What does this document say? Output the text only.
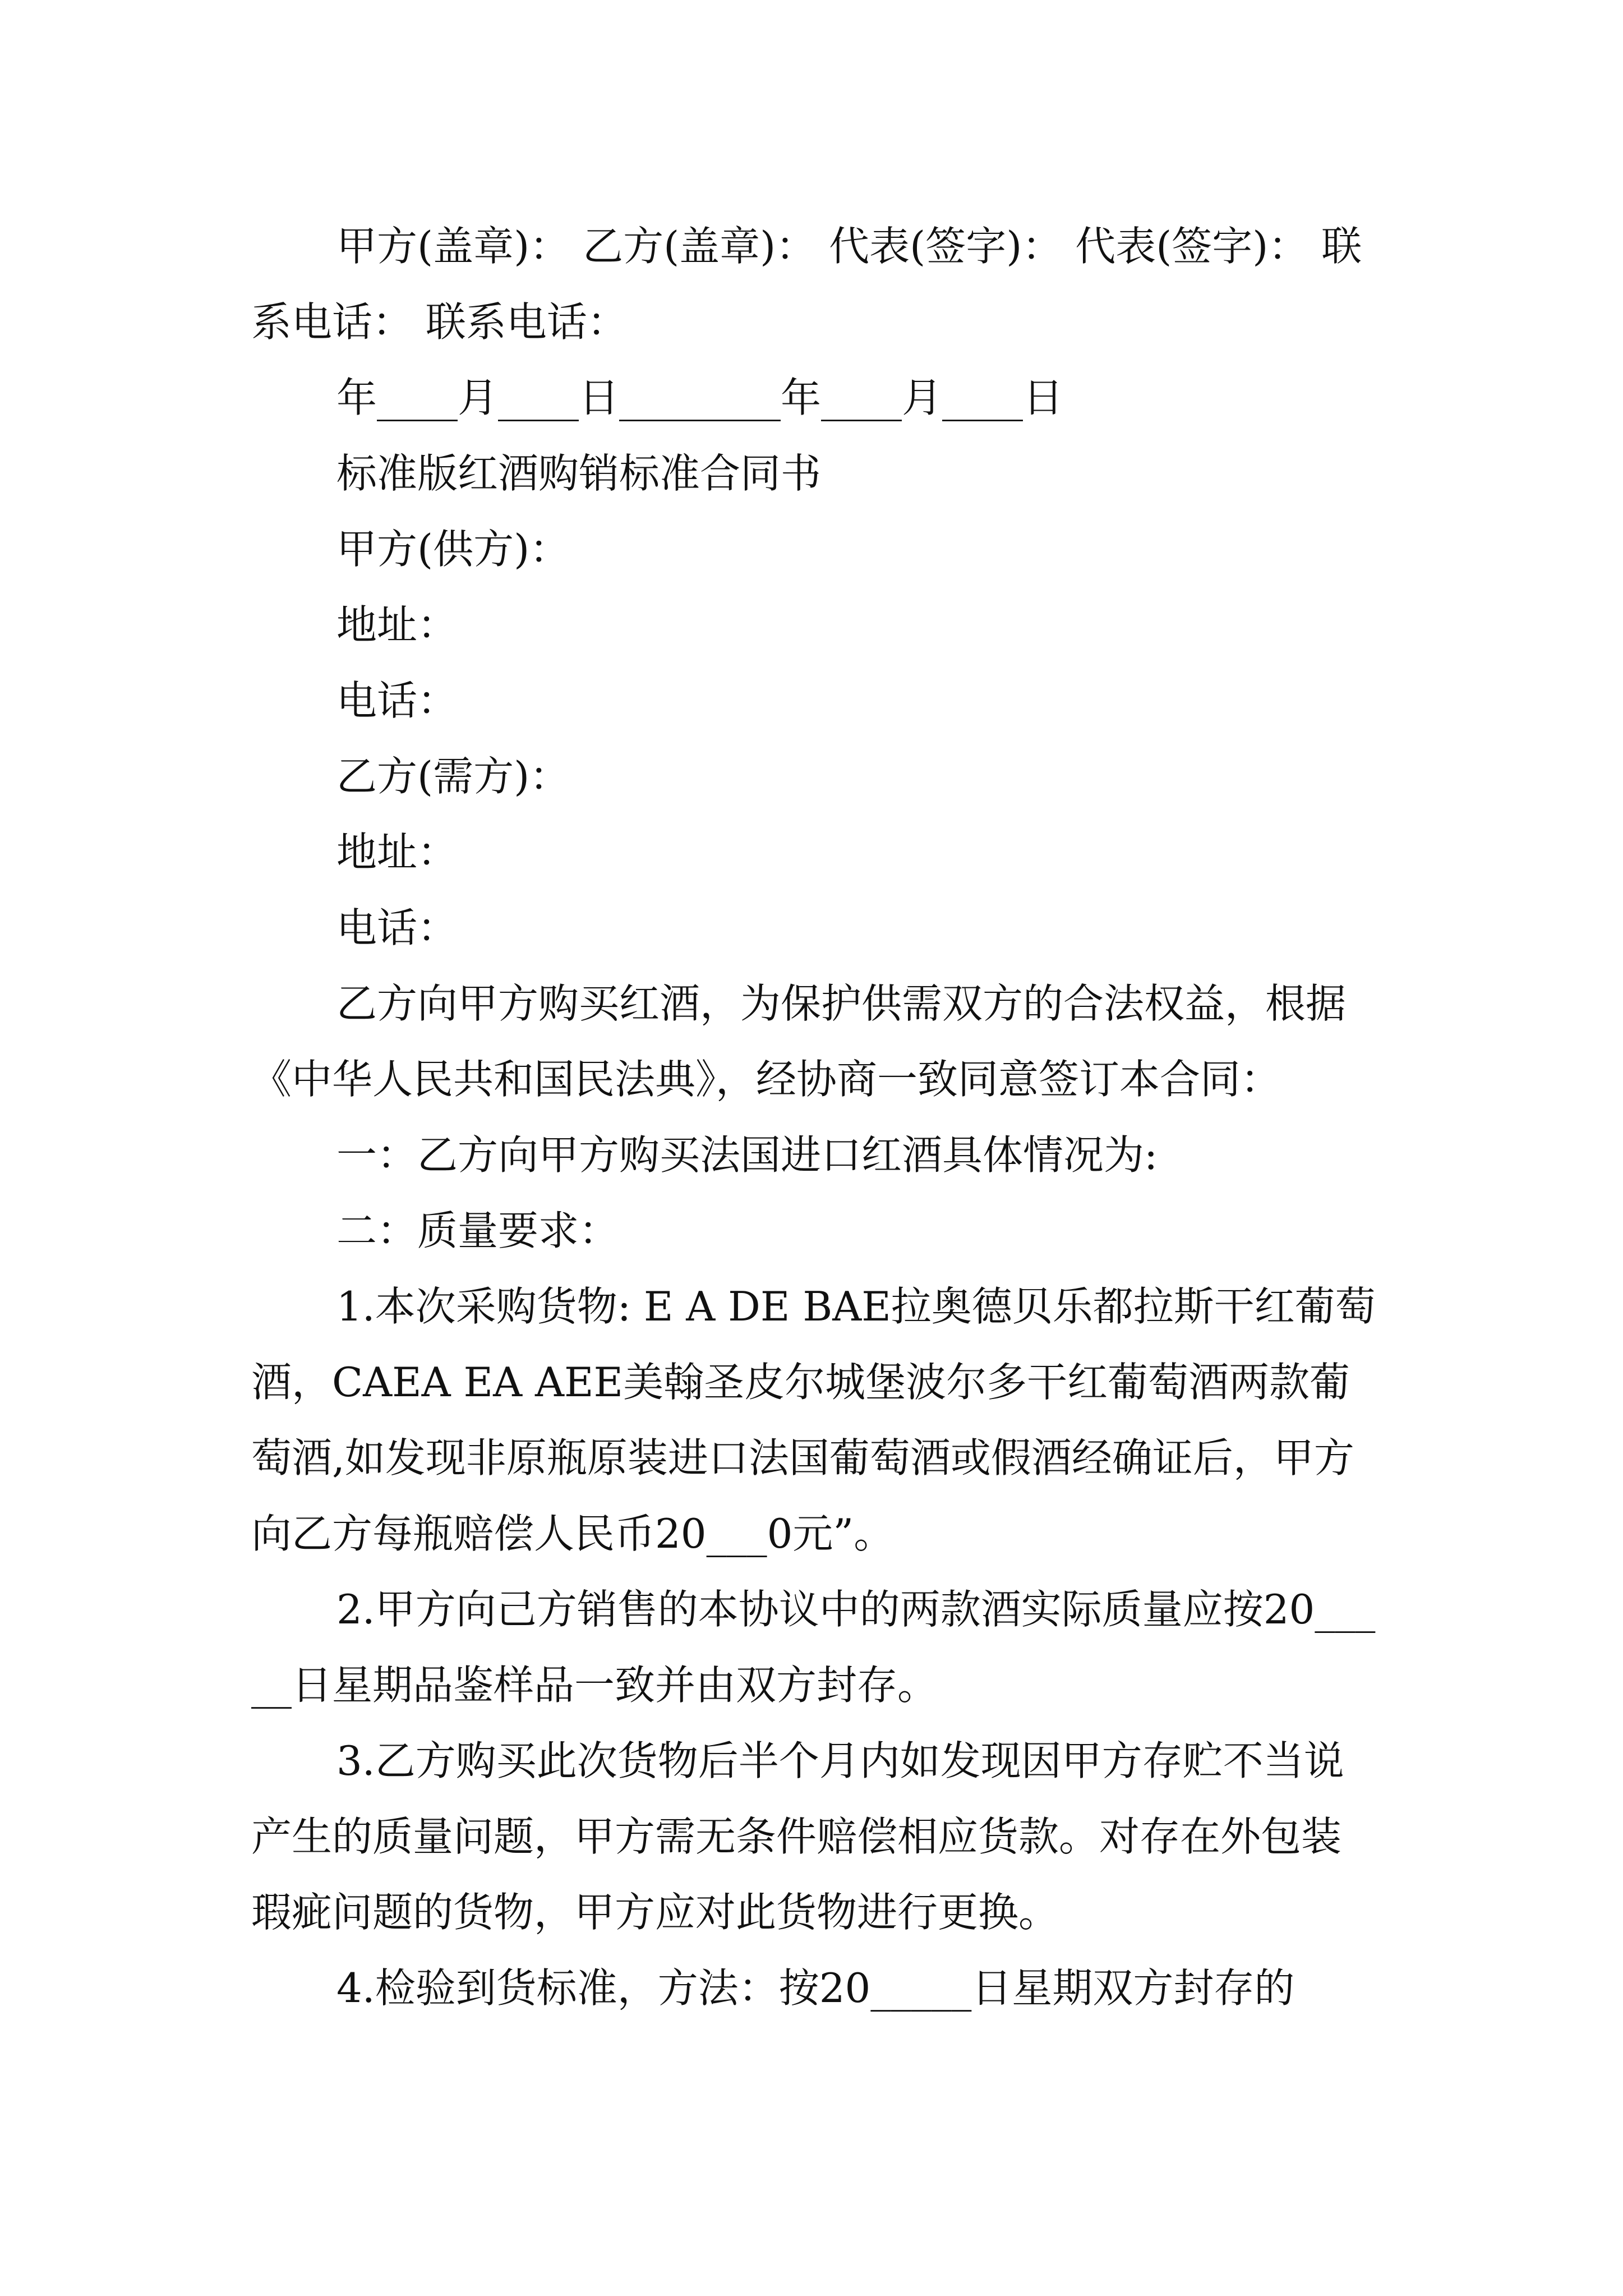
甲方(盖章)： 乙方(盖章)： 代表(签字)： 代表(签字)： 联系电话： 联系电话：

年____月____日________年____月____日

标准版红酒购销标准合同书

甲方(供方)：

地址：

电话：

乙方(需方)：

地址：

电话：

乙方向甲方购买红酒，为保护供需双方的合法权益，根据《中华人民共和国民法典》，经协商一致同意签订本合同：

一：乙方向甲方购买法国进口红酒具体情况为:

二：质量要求：

1.本次采购货物: E A DE BAE拉奥德贝乐都拉斯干红葡萄酒，CAEA EA AEE美翰圣皮尔城堡波尔多干红葡萄酒两款葡萄酒,如发现非原瓶原装进口法国葡萄酒或假酒经确证后，甲方向乙方每瓶赔偿人民币20___0元”。

2.甲方向己方销售的本协议中的两款酒实际质量应按20_____日星期品鉴样品一致并由双方封存。

3.乙方购买此次货物后半个月内如发现因甲方存贮不当说产生的质量问题，甲方需无条件赔偿相应货款。对存在外包装瑕疵问题的货物，甲方应对此货物进行更换。

4.检验到货标准，方法：按20_____日星期双方封存的
